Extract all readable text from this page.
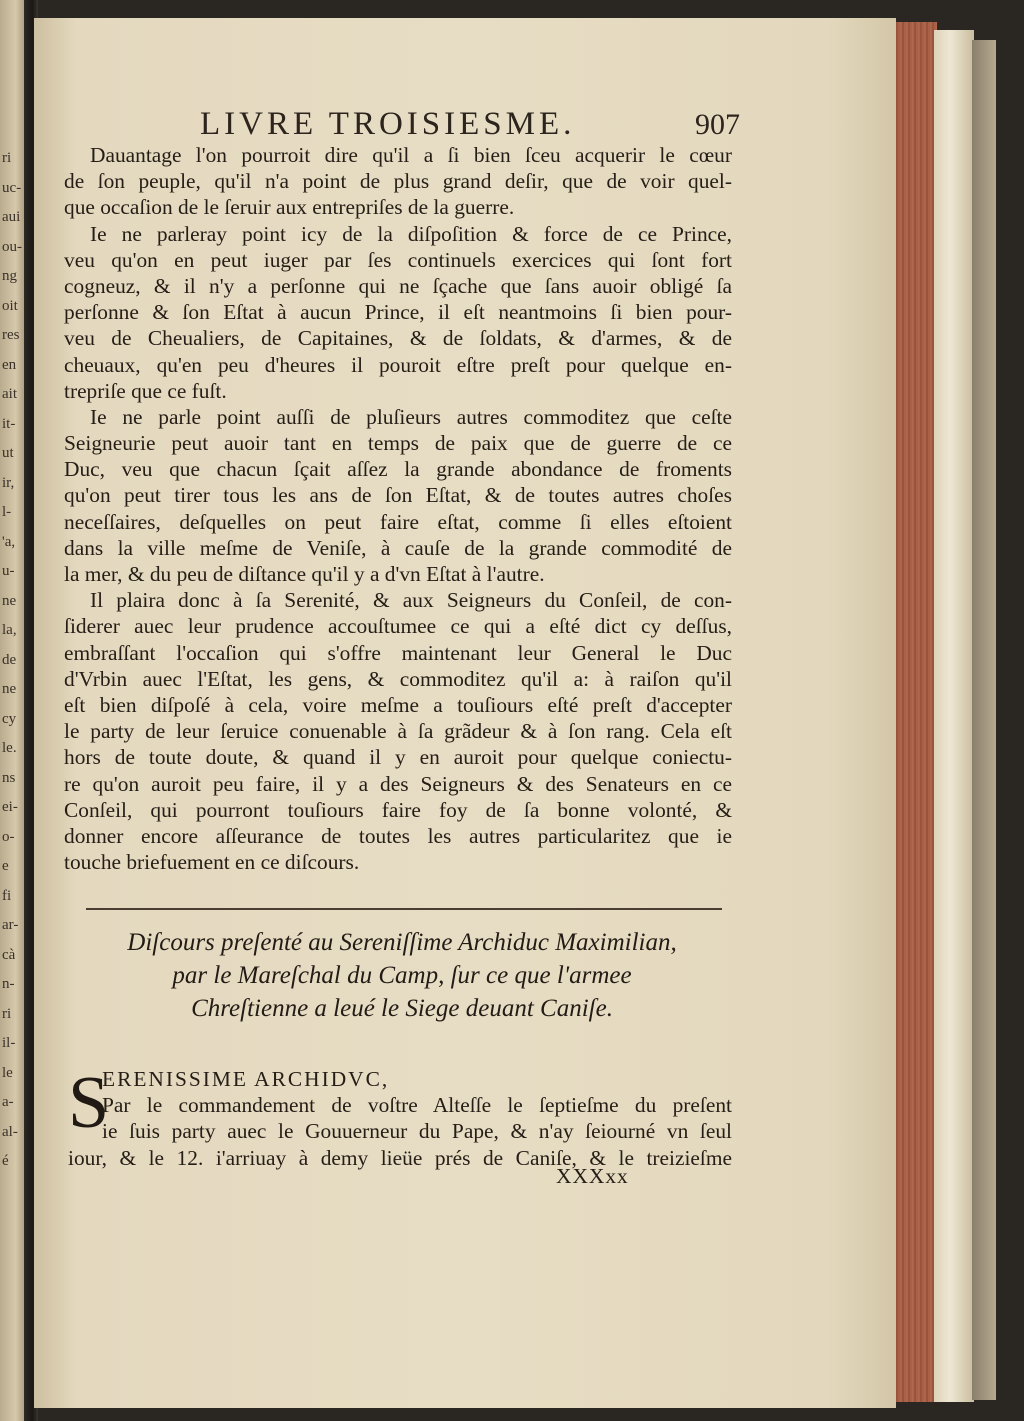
ri
uc-
aui
ou-
ng
oit
res
en
ait
it-
ut
ir,
l-
'a,
u-
ne
la,
de
ne
cy
le.
ns
ei-
o-
e
fi
ar-
cà
n-
ri
il-
le
a-
al-
é
LIVRE TROISIESME.	907
Dauantage l'on pourroit dire qu'il a ſi bien ſceu acquerir le cœur
de ſon peuple, qu'il n'a point de plus grand deſir, que de voir quel-
que occaſion de le ſeruir aux entrepriſes de la guerre.
Ie ne parleray point icy de la diſpoſition & force de ce Prince,
veu qu'on en peut iuger par ſes continuels exercices qui ſont fort
cogneuz, & il n'y a perſonne qui ne ſçache que ſans auoir obligé ſa
perſonne & ſon Eſtat à aucun Prince, il eſt neantmoins ſi bien pour-
veu de Cheualiers, de Capitaines, & de ſoldats, & d'armes, & de
cheuaux, qu'en peu d'heures il pouroit eſtre preſt pour quelque en-
trepriſe que ce fuſt.
Ie ne parle point auſſi de pluſieurs autres commoditez que ceſte
Seigneurie peut auoir tant en temps de paix que de guerre de ce
Duc, veu que chacun ſçait aſſez la grande abondance de froments
qu'on peut tirer tous les ans de ſon Eſtat, & de toutes autres choſes
neceſſaires, deſquelles on peut faire eſtat, comme ſi elles eſtoient
dans la ville meſme de Veniſe, à cauſe de la grande commodité de
la mer, & du peu de diſtance qu'il y a d'vn Eſtat à l'autre.
Il plaira donc à ſa Serenité, & aux Seigneurs du Conſeil, de con-
ſiderer auec leur prudence accouſtumee ce qui a eſté dict cy deſſus,
embraſſant l'occaſion qui s'offre maintenant leur General le Duc
d'Vrbin auec l'Eſtat, les gens, & commoditez qu'il a: à raiſon qu'il
eſt bien diſpoſé à cela, voire meſme a touſiours eſté preſt d'accepter
le party de leur ſeruice conuenable à ſa grãdeur & à ſon rang. Cela eſt
hors de toute doute, & quand il y en auroit pour quelque coniectu-
re qu'on auroit peu faire, il y a des Seigneurs & des Senateurs en ce
Conſeil, qui pourront touſiours faire foy de ſa bonne volonté, &
donner encore aſſeurance de toutes les autres particularitez que ie
touche briefuement en ce diſcours.
Diſcours preſenté au Sereniſſime Archiduc Maximilian,
par le Mareſchal du Camp, ſur ce que l'armee
Chreſtienne a leué le Siege deuant Caniſe.
S
ERENISSIME ARCHIDVC,
Par le commandement de voſtre Alteſſe le ſeptieſme du preſent
ie ſuis party auec le Gouuerneur du Pape, & n'ay ſeiourné vn ſeul
iour, & le 12. i'arriuay à demy lieüe prés de Caniſe, & le treizieſme
XXXxx
